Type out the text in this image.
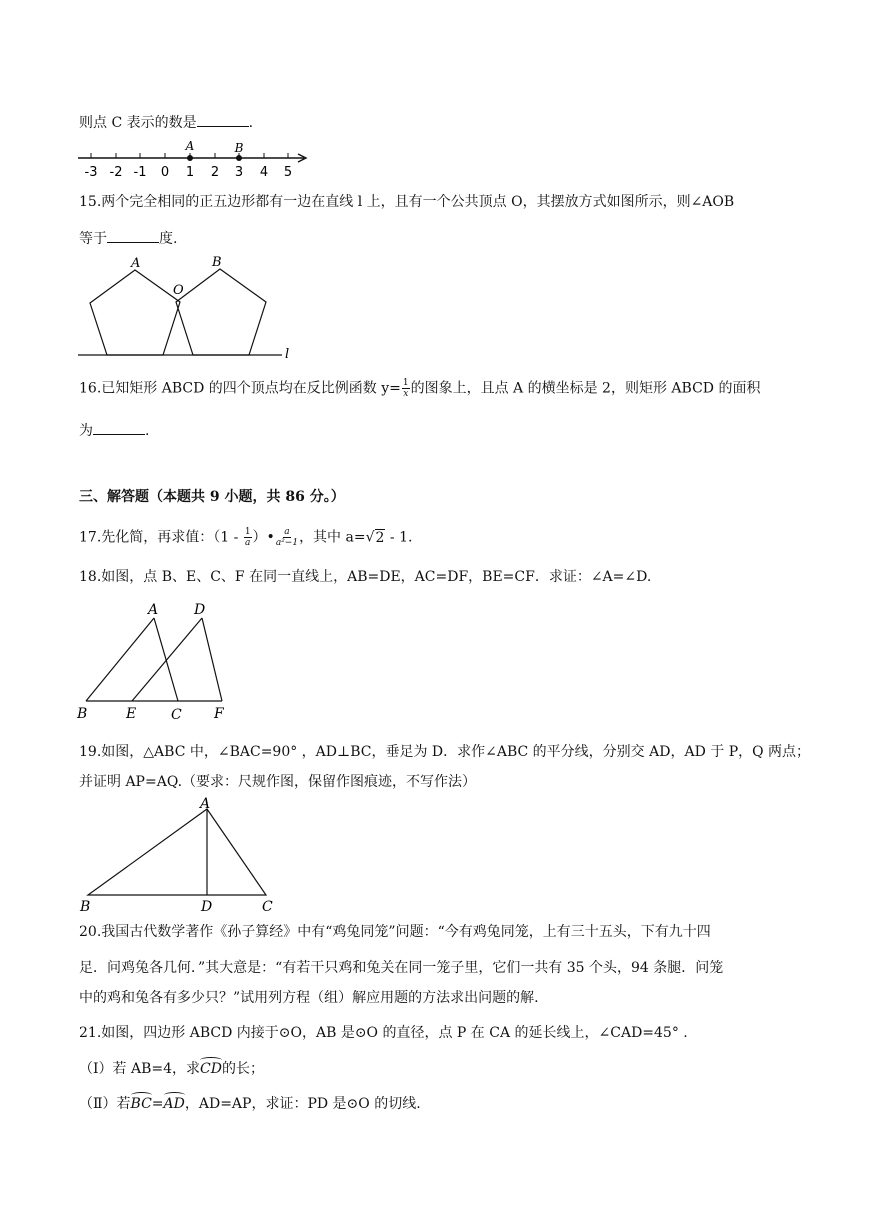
则点 C 表示的数是	.
A	B
-3 -2 -1 0 1 2 3 4 5
15.两个完全相同的正五边形都有一边在直线 l 上，且有一个公共顶点 O，其摆放方式如图所示，则∠AOB
等于	度.
A
O
B
l
16.已知矩形 ABCD 的四个顶点均在反比例函数 $y= \frac{1}{x}$ 的图象上，且点 A 的横坐标是 2，则矩形 ABCD 的面积
为	.
三、解答题（本题共 9 小题，共 86 分。）
17.先化简，再求值：（$1 - \frac{1}{a}$ ）• $\frac{a}{\text{a²−1}}$ ，其中 a=√2 - 1.
18.如图，点 B、E、C、F 在同一直线上，AB=DE，AC=DF，BE=CF．求证：∠A=∠D.
A	D
B	E C F
19.如图，△ABC 中，∠BAC=90° ，AD⊥BC，垂足为 D．求作∠ABC 的平分线，分别交 AD，AD 于 P，Q 两点；
并证明 AP=AQ.（要求：尺规作图，保留作图痕迹，不写作法）
A
B	D	C
20.我国古代数学著作《孙子算经》中有“鸡兔同笼”问题：“今有鸡兔同笼，上有三十五头，下有九十四
足．问鸡兔各几何．”其大意是：“有若干只鸡和兔关在同一笼子里，它们一共有 35 个头，94 条腿．问笼
中的鸡和兔各有多少只？”试用列方程（组）解应用题的方法求出问题的解.
21.如图，四边形 ABCD 内接于⊙O，AB 是⊙O 的直径，点 P 在 CA 的延长线上，∠CAD=45° .
（Ⅰ）若 AB=4，求CD的长；
（Ⅱ）若BC=AD，AD=AP，求证：PD 是⊙O 的切线.
